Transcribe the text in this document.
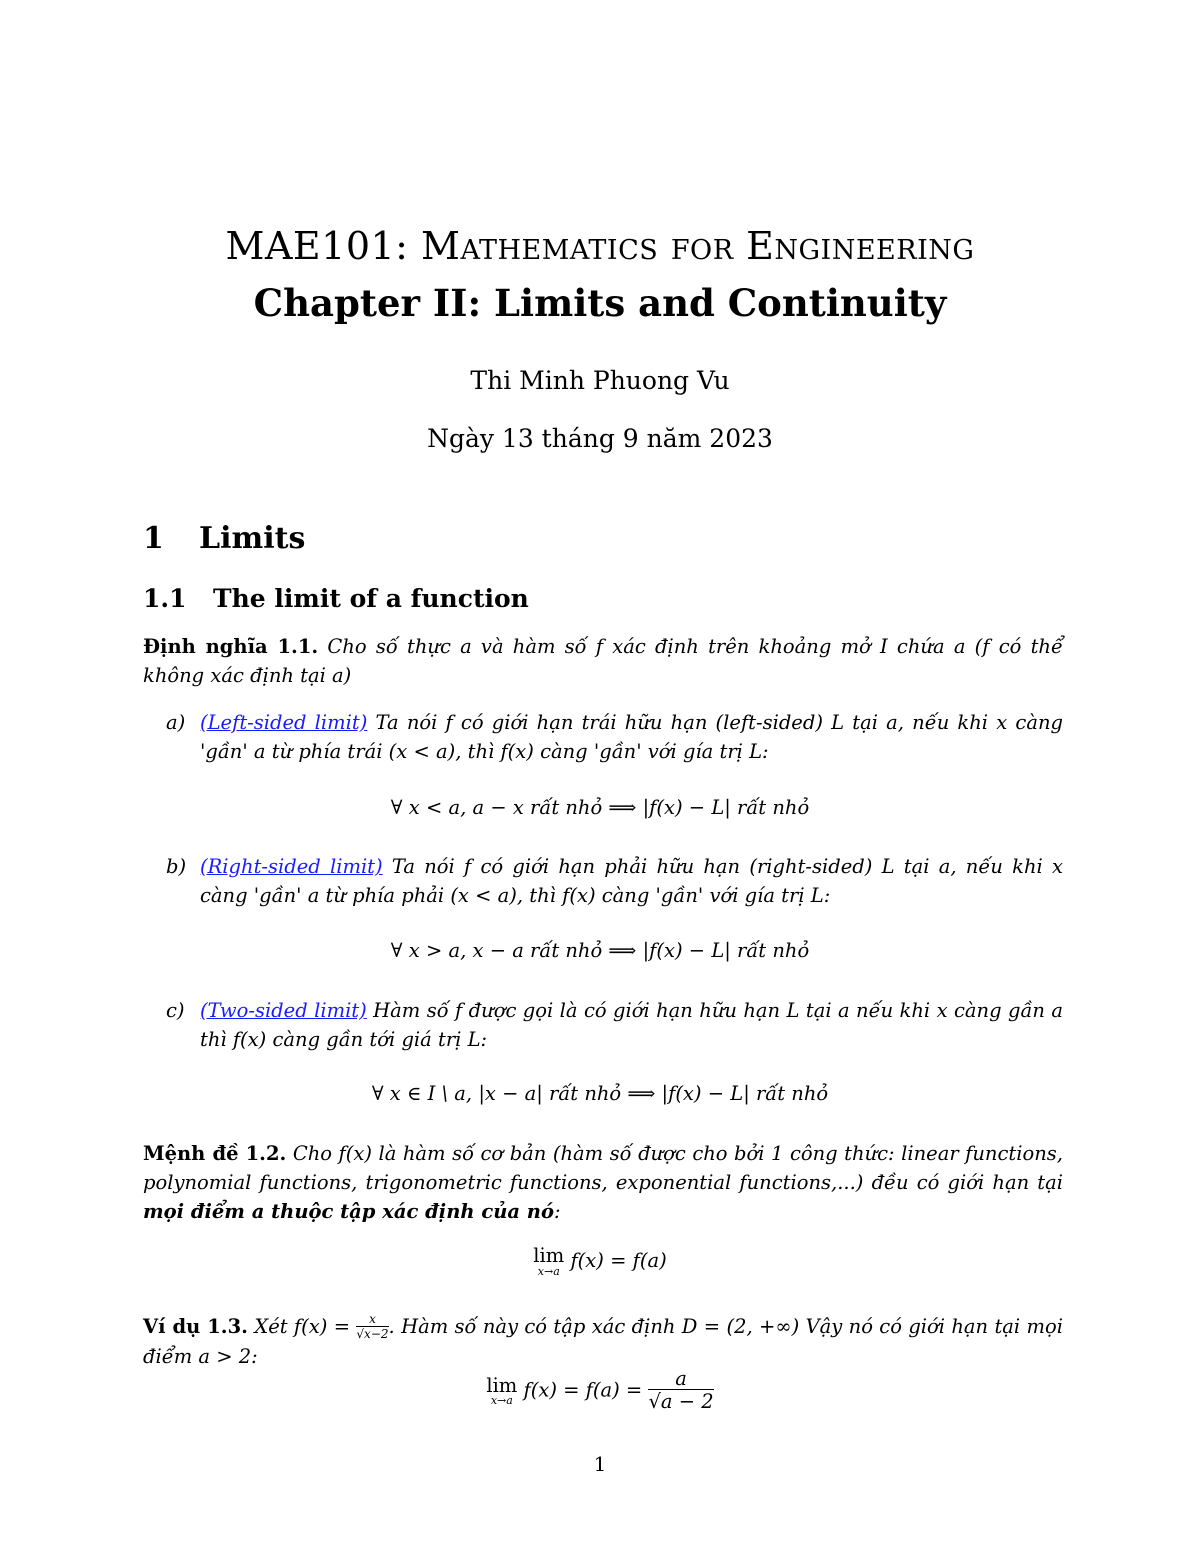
MAE101: Mathematics for Engineering
Chapter II: Limits and Continuity
Thi Minh Phuong Vu
Ngày 13 tháng 9 năm 2023
1 Limits
1.1 The limit of a function
Định nghĩa 1.1. Cho số thực a và hàm số f xác định trên khoảng mở I chứa a (f có thể không xác định tại a)
a) (Left-sided limit) Ta nói f có giới hạn trái hữu hạn (left-sided) L tại a, nếu khi x càng 'gần' a từ phía trái (x < a), thì f(x) càng 'gần' với gía trị L:
∀ x < a, a − x rất nhỏ ⟹ |f(x) − L| rất nhỏ
b) (Right-sided limit) Ta nói f có giới hạn phải hữu hạn (right-sided) L tại a, nếu khi x càng 'gần' a từ phía phải (x < a), thì f(x) càng 'gần' với gía trị L:
∀ x > a, x − a rất nhỏ ⟹ |f(x) − L| rất nhỏ
c) (Two-sided limit) Hàm số f được gọi là có giới hạn hữu hạn L tại a nếu khi x càng gần a thì f(x) càng gần tới giá trị L:
∀ x ∈ I \ a, |x − a| rất nhỏ ⟹ |f(x) − L| rất nhỏ
Mệnh đề 1.2. Cho f(x) là hàm số cơ bản (hàm số được cho bởi 1 công thức: linear functions, polynomial functions, trigonometric functions, exponential functions,...) đều có giới hạn tại mọi điểm a thuộc tập xác định của nó:
lim
x→a f(x) = f(a)
Ví dụ 1.3. Xét $f(x) = \frac{x}{√x-2}$ . Hàm số này có tập xác định D = (2, +∞) Vậy nó có giới hạn tại mọi điểm a > 2:
lim
x→a $f(x) = f(a) = \frac{a}{√a - 2}$
1
